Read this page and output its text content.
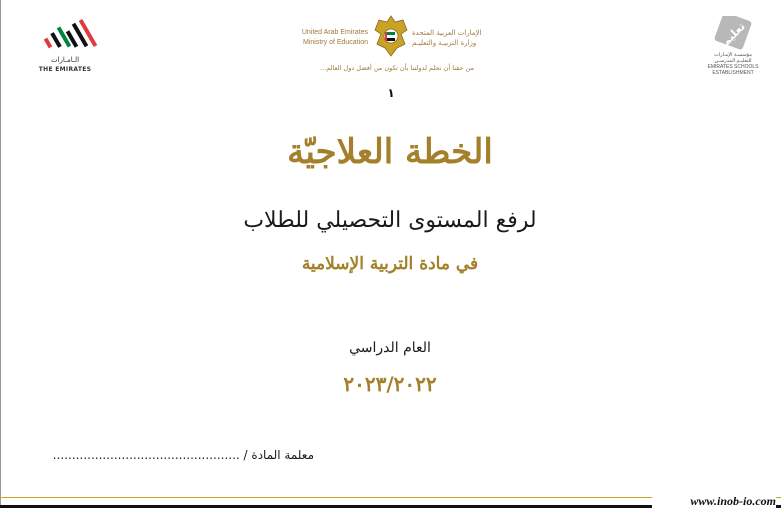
الـامـارات
THE EMIRATES
United Arab Emirates
Ministry of Education
الإمارات العربية المتحدة
وزارة التربيـة والتعليـم
من حقنا أن نحلم لدولتنا بأن تكون من أفضل دول العالم...
تعليم
مؤسسـة الإمـارات
للتعليـم المدرسـي
EMIRATES SCHOOLS
ESTABLISHMENT
١
الخطة العلاجيّة
لرفع المستوى التحصيلي للطلاب
في مادة التربية الإسلامية
العام الدراسي
٢٠٢٣/٢٠٢٢
معلمة المادة / .................................................
www.inob-io.com
